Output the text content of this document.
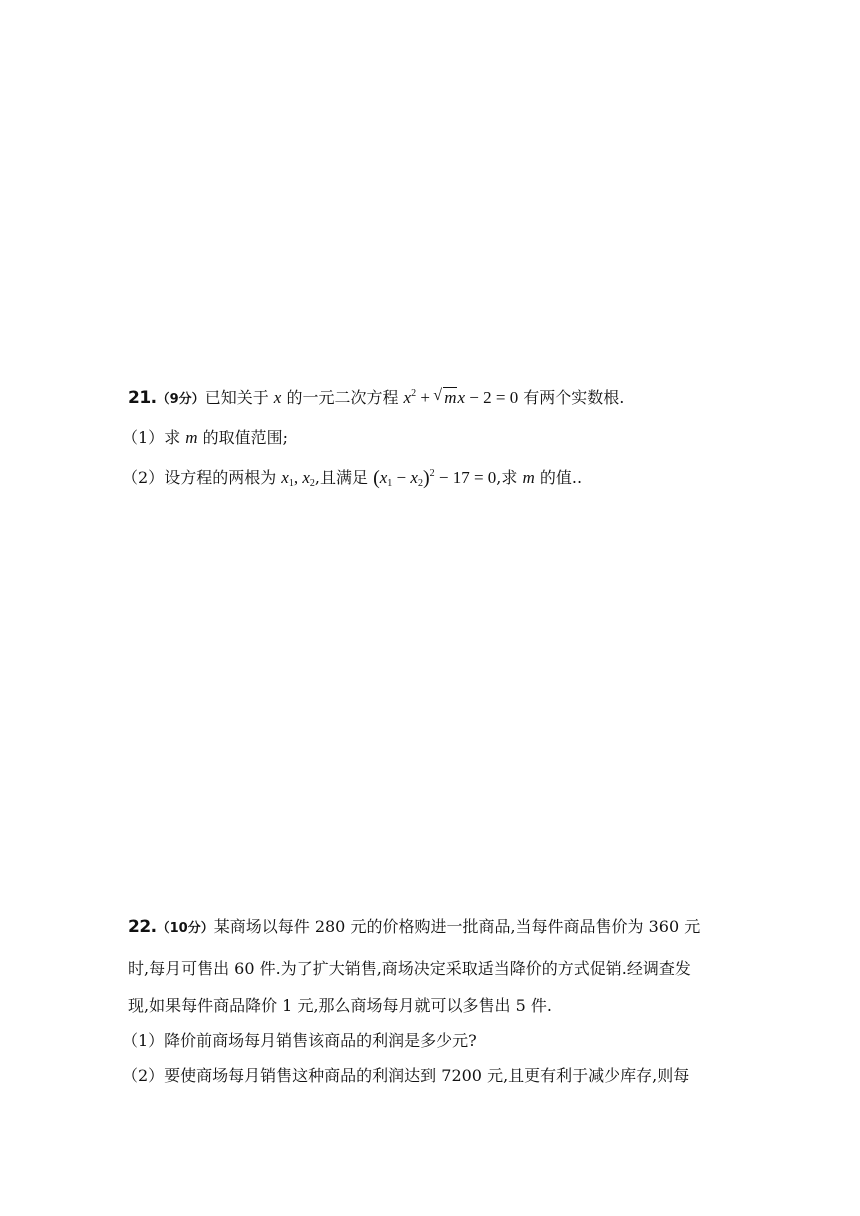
21.（9分）已知关于 x 的一元二次方程 $x^2$ + √ mx − 2 = 0 有两个实数根.
（1）求 m 的取值范围;
（2）设方程的两根为 $x_1$, $x_2$,且满足 $(x_1 - x_2)^2 - 17 = 0$,求 m 的值..
22.（10分）某商场以每件 280 元的价格购进一批商品,当每件商品售价为 360 元
时,每月可售出 60 件.为了扩大销售,商场决定采取适当降价的方式促销.经调查发
现,如果每件商品降价 1 元,那么商场每月就可以多售出 5 件.
（1）降价前商场每月销售该商品的利润是多少元?
（2）要使商场每月销售这种商品的利润达到 7200 元,且更有利于减少库存,则每
